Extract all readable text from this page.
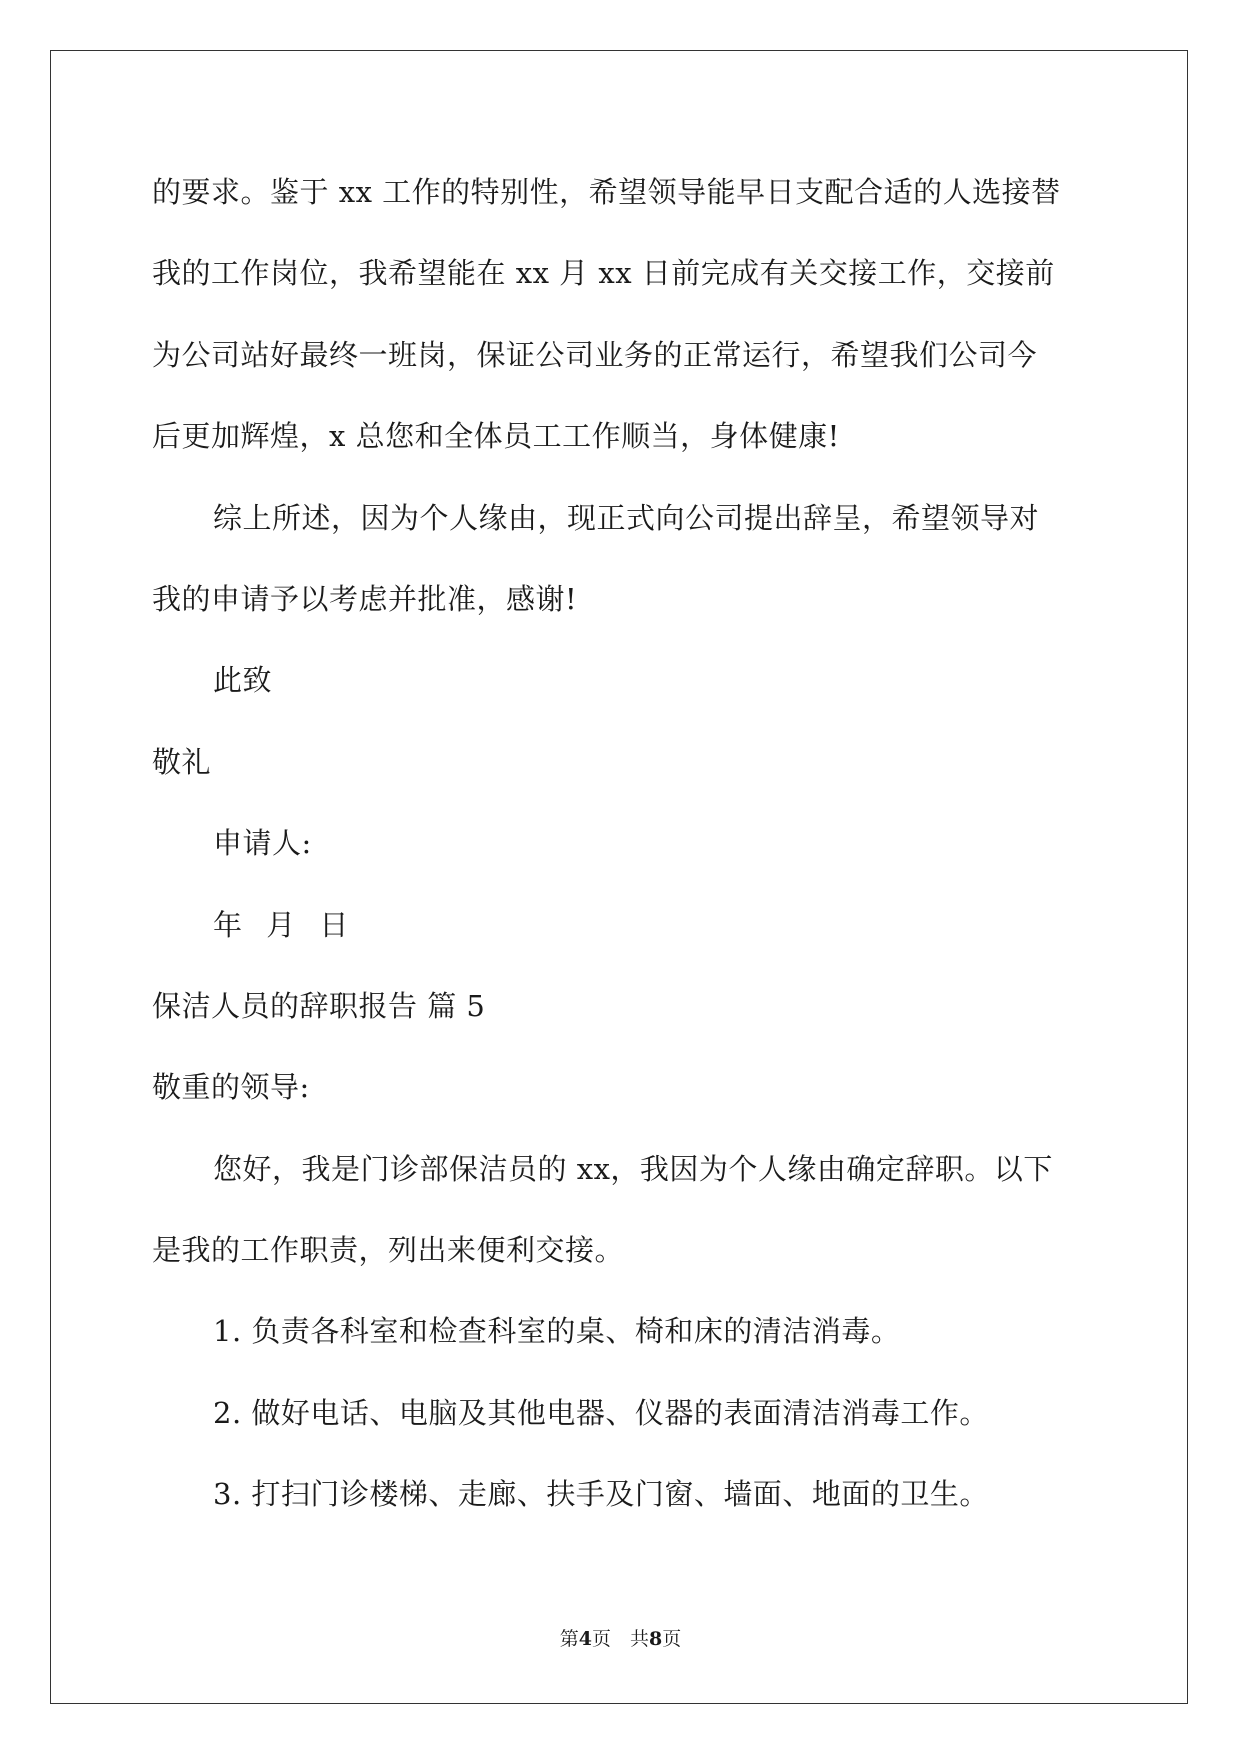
的要求。鉴于 xx 工作的特别性，希望领导能早日支配合适的人选接替
我的工作岗位，我希望能在 xx 月 xx 日前完成有关交接工作，交接前
为公司站好最终一班岗，保证公司业务的正常运行，希望我们公司今
后更加辉煌，x 总您和全体员工工作顺当，身体健康!
综上所述，因为个人缘由，现正式向公司提出辞呈，希望领导对
我的申请予以考虑并批准，感谢!
此致
敬礼
申请人:
年 月 日
保洁人员的辞职报告 篇 5
敬重的领导:
您好，我是门诊部保洁员的 xx，我因为个人缘由确定辞职。以下
是我的工作职责，列出来便利交接。
1. 负责各科室和检查科室的桌、椅和床的清洁消毒。
2. 做好电话、电脑及其他电器、仪器的表面清洁消毒工作。
3. 打扫门诊楼梯、走廊、扶手及门窗、墙面、地面的卫生。
第4页　共8页
